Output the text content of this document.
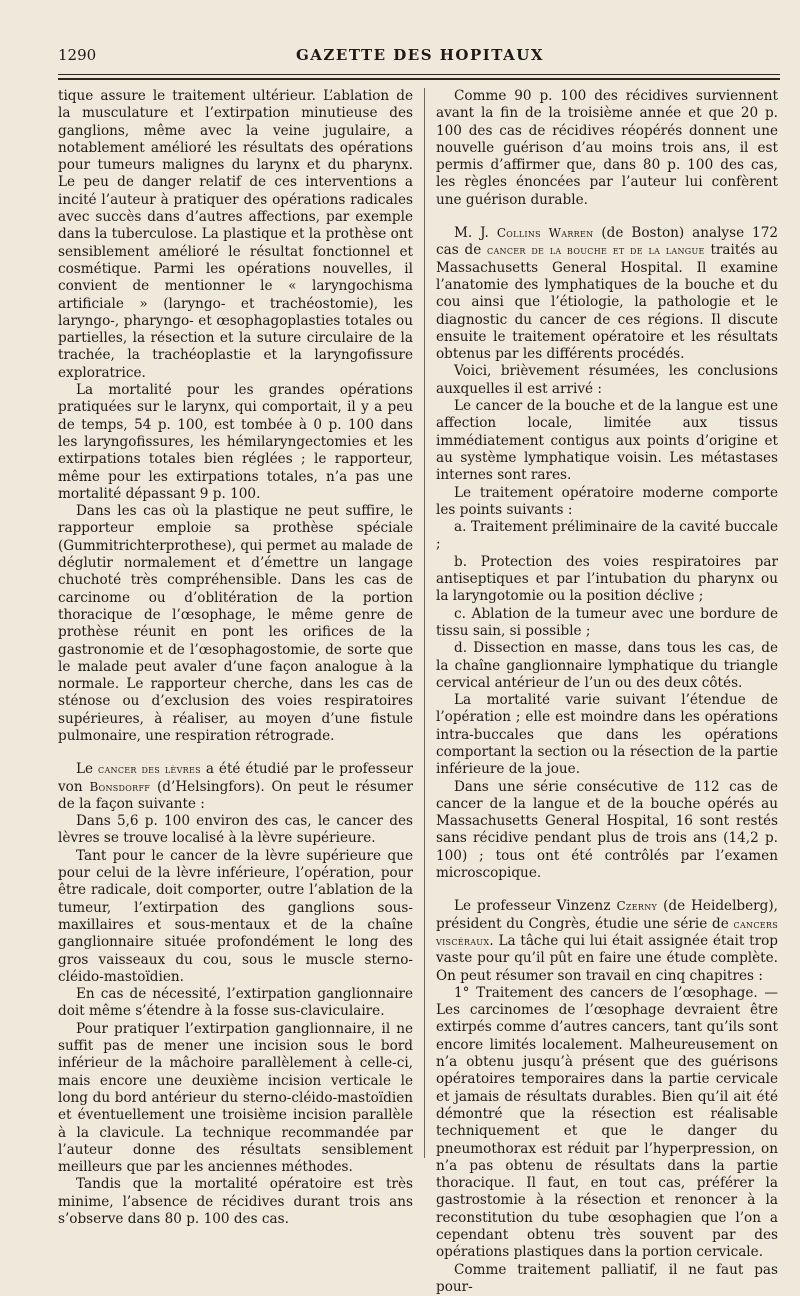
1290	GAZETTE DES HOPITAUX

tique assure le traitement ultérieur. L’ablation de la musculature et l’extirpation minutieuse des ganglions, même avec la veine jugulaire, a notablement amélioré les résultats des opérations pour tumeurs malignes du larynx et du pharynx. Le peu de danger relatif de ces interventions a incité l’auteur à pratiquer des opérations radicales avec succès dans d’autres affections, par exemple dans la tuberculose. La plastique et la prothèse ont sensiblement amélioré le résultat fonctionnel et cosmétique. Parmi les opérations nouvelles, il convient de mentionner le « laryngochisma artificiale » (laryngo- et trachéostomie), les laryngo-, pharyngo- et œsophagoplasties totales ou partielles, la résection et la suture circulaire de la trachée, la trachéoplastie et la laryngofissure exploratrice.

La mortalité pour les grandes opérations pratiquées sur le larynx, qui comportait, il y a peu de temps, 54 p. 100, est tombée à 0 p. 100 dans les laryngofissures, les hémilaryngectomies et les extirpations totales bien réglées ; le rapporteur, même pour les extirpations totales, n’a pas une mortalité dépassant 9 p. 100.

Dans les cas où la plastique ne peut suffire, le rapporteur emploie sa prothèse spéciale (Gummitrichterprothese), qui permet au malade de déglutir normalement et d’émettre un langage chuchoté très compréhensible. Dans les cas de carcinome ou d’oblitération de la portion thoracique de l’œsophage, le même genre de prothèse réunit en pont les orifices de la gastronomie et de l’œsophagostomie, de sorte que le malade peut avaler d’une façon analogue à la normale. Le rapporteur cherche, dans les cas de sténose ou d’exclusion des voies respiratoires supérieures, à réaliser, au moyen d’une fistule pulmonaire, une respiration rétrograde.

Le cancer des lèvres a été étudié par le professeur von Bonsdorff (d’Helsingfors). On peut le résumer de la façon suivante :

Dans 5,6 p. 100 environ des cas, le cancer des lèvres se trouve localisé à la lèvre supérieure.

Tant pour le cancer de la lèvre supérieure que pour celui de la lèvre inférieure, l’opération, pour être radicale, doit comporter, outre l’ablation de la tumeur, l’extirpation des ganglions sous-maxillaires et sous-mentaux et de la chaîne ganglionnaire située profondément le long des gros vaisseaux du cou, sous le muscle sterno-cléido-mastoïdien.

En cas de nécessité, l’extirpation ganglionnaire doit même s’étendre à la fosse sus-claviculaire.

Pour pratiquer l’extirpation ganglionnaire, il ne suffit pas de mener une incision sous le bord inférieur de la mâchoire parallèlement à celle-ci, mais encore une deuxième incision verticale le long du bord antérieur du sterno-cléido-mastoïdien et éventuellement une troisième incision parallèle à la clavicule. La technique recommandée par l’auteur donne des résultats sensiblement meilleurs que par les anciennes méthodes.

Tandis que la mortalité opératoire est très minime, l’absence de récidives durant trois ans s’observe dans 80 p. 100 des cas.

Comme 90 p. 100 des récidives surviennent avant la fin de la troisième année et que 20 p. 100 des cas de récidives réopérés donnent une nouvelle guérison d’au moins trois ans, il est permis d’affirmer que, dans 80 p. 100 des cas, les règles énoncées par l’auteur lui confèrent une guérison durable.

M. J. Collins Warren (de Boston) analyse 172 cas de cancer de la bouche et de la langue traités au Massachusetts General Hospital. Il examine l’anatomie des lymphatiques de la bouche et du cou ainsi que l’étiologie, la pathologie et le diagnostic du cancer de ces régions. Il discute ensuite le traitement opératoire et les résultats obtenus par les différents procédés.

Voici, brièvement résumées, les conclusions auxquelles il est arrivé :

Le cancer de la bouche et de la langue est une affection locale, limitée aux tissus immédiatement contigus aux points d’origine et au système lymphatique voisin. Les métastases internes sont rares.

Le traitement opératoire moderne comporte les points suivants :

a. Traitement préliminaire de la cavité buccale ;

b. Protection des voies respiratoires par antiseptiques et par l’intubation du pharynx ou la laryngotomie ou la position déclive ;

c. Ablation de la tumeur avec une bordure de tissu sain, si possible ;

d. Dissection en masse, dans tous les cas, de la chaîne ganglionnaire lymphatique du triangle cervical antérieur de l’un ou des deux côtés.

La mortalité varie suivant l’étendue de l’opération ; elle est moindre dans les opérations intra-buccales que dans les opérations comportant la section ou la résection de la partie inférieure de la joue.

Dans une série consécutive de 112 cas de cancer de la langue et de la bouche opérés au Massachusetts General Hospital, 16 sont restés sans récidive pendant plus de trois ans (14,2 p. 100) ; tous ont été contrôlés par l’examen microscopique.

Le professeur Vinzenz Czerny (de Heidelberg), président du Congrès, étudie une série de cancers viscéraux. La tâche qui lui était assignée était trop vaste pour qu’il pût en faire une étude complète. On peut résumer son travail en cinq chapitres :

1° Traitement des cancers de l’œsophage. — Les carcinomes de l’œsophage devraient être extirpés comme d’autres cancers, tant qu’ils sont encore limités localement. Malheureusement on n’a obtenu jusqu’à présent que des guérisons opératoires temporaires dans la partie cervicale et jamais de résultats durables. Bien qu’il ait été démontré que la résection est réalisable techniquement et que le danger du pneumothorax est réduit par l’hyperpression, on n’a pas obtenu de résultats dans la partie thoracique. Il faut, en tout cas, préférer la gastrostomie à la résection et renoncer à la reconstitution du tube œsophagien que l’on a cependant obtenu très souvent par des opérations plastiques dans la portion cervicale.

Comme traitement palliatif, il ne faut pas pour-
